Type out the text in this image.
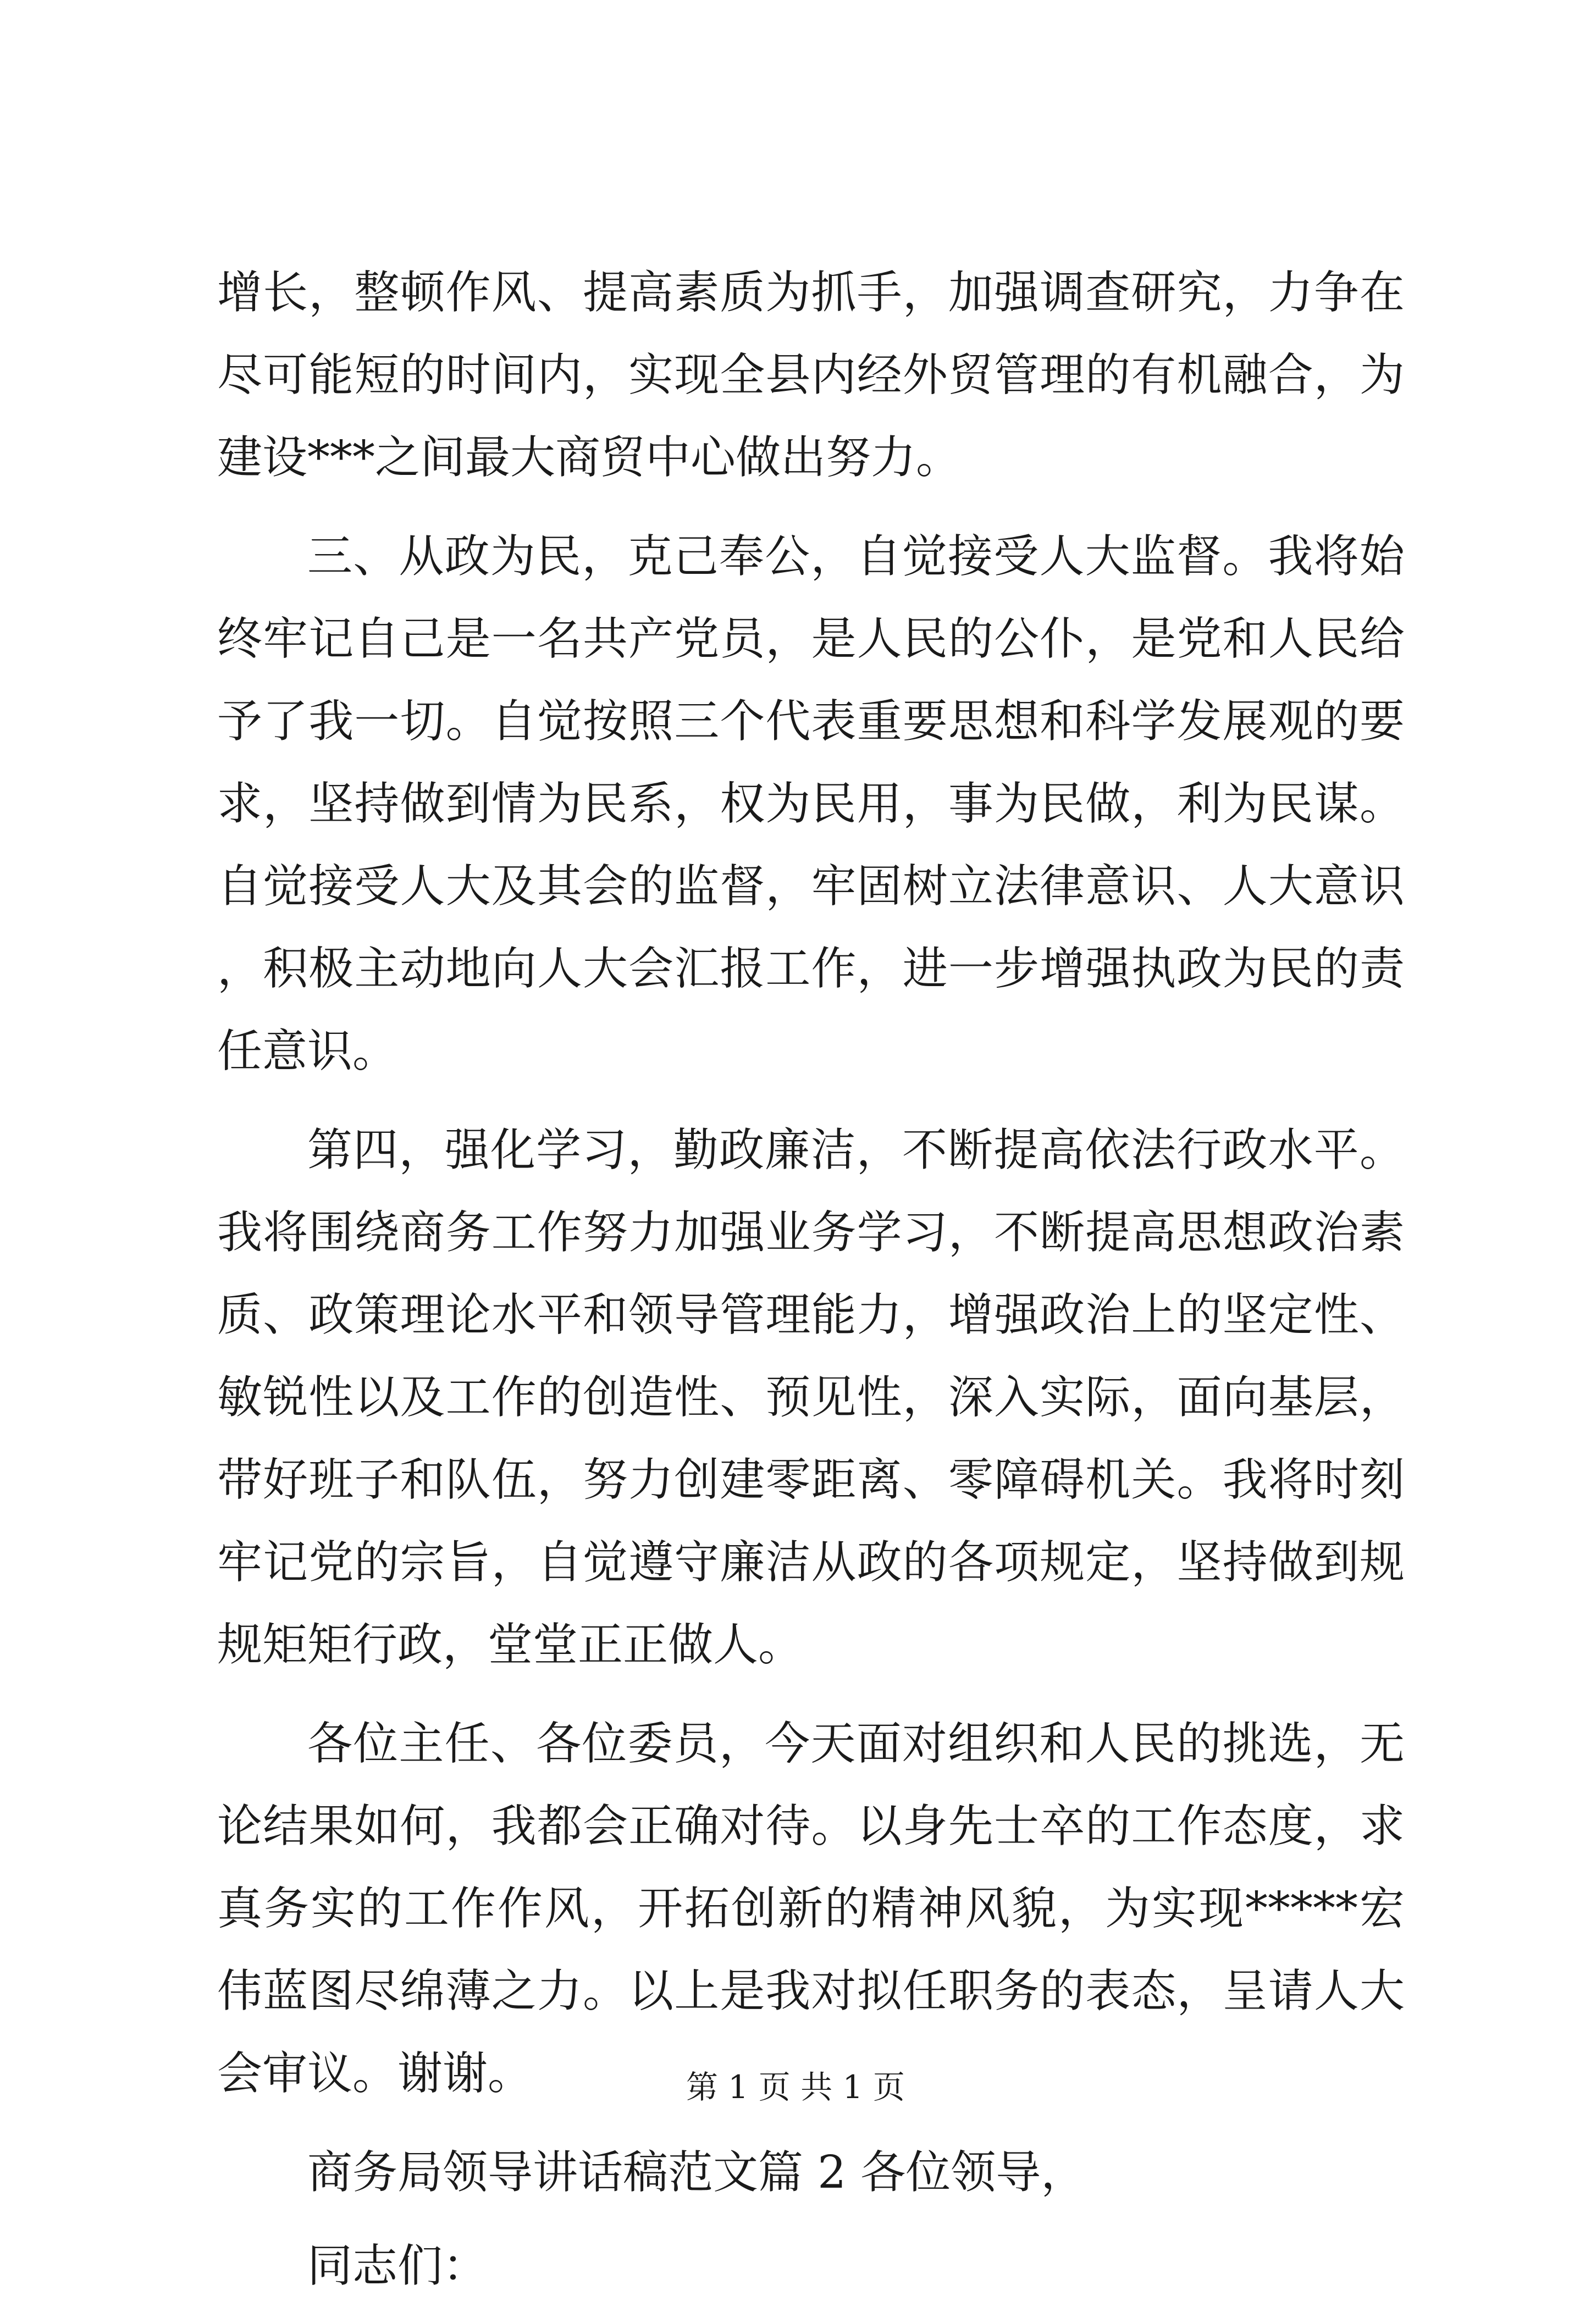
增长，整顿作风、提高素质为抓手，加强调查研究，力争在尽可能短的时间内，实现全县内经外贸管理的有机融合，为建设***之间最大商贸中心做出努力。

三、从政为民，克己奉公，自觉接受人大监督。我将始终牢记自己是一名共产党员，是人民的公仆，是党和人民给予了我一切。自觉按照三个代表重要思想和科学发展观的要求，坚持做到情为民系，权为民用，事为民做，利为民谋。自觉接受人大及其会的监督，牢固树立法律意识、人大意识，积极主动地向人大会汇报工作，进一步增强执政为民的责任意识。

第四，强化学习，勤政廉洁，不断提高依法行政水平。我将围绕商务工作努力加强业务学习，不断提高思想政治素质、政策理论水平和领导管理能力，增强政治上的坚定性、敏锐性以及工作的创造性、预见性，深入实际，面向基层，带好班子和队伍，努力创建零距离、零障碍机关。我将时刻牢记党的宗旨，自觉遵守廉洁从政的各项规定，坚持做到规规矩矩行政，堂堂正正做人。

各位主任、各位委员，今天面对组织和人民的挑选，无论结果如何，我都会正确对待。以身先士卒的工作态度，求真务实的工作作风，开拓创新的精神风貌，为实现*****宏伟蓝图尽绵薄之力。以上是我对拟任职务的表态，呈请人大会审议。谢谢。

商务局领导讲话稿范文篇 2 各位领导，

同志们：

第 1 页 共 1 页
